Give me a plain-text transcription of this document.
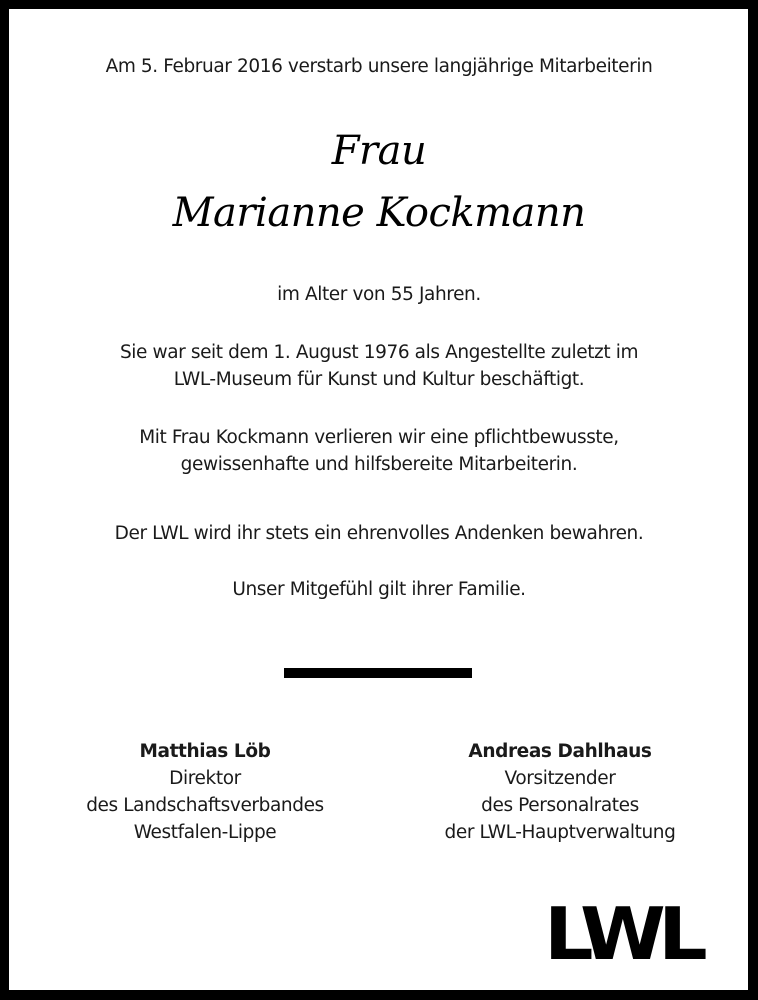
Am 5. Februar 2016 verstarb unsere langjährige Mitarbeiterin
Frau
Marianne Kockmann
im Alter von 55 Jahren.
Sie war seit dem 1. August 1976 als Angestellte zuletzt im
LWL-Museum für Kunst und Kultur beschäftigt.
Mit Frau Kockmann verlieren wir eine pflichtbewusste,
gewissenhafte und hilfsbereite Mitarbeiterin.
Der LWL wird ihr stets ein ehrenvolles Andenken bewahren.
Unser Mitgefühl gilt ihrer Familie.
Matthias Löb
Direktor
des Landschaftsverbandes
Westfalen-Lippe
Andreas Dahlhaus
Vorsitzender
des Personalrates
der LWL-Hauptverwaltung
LWL
